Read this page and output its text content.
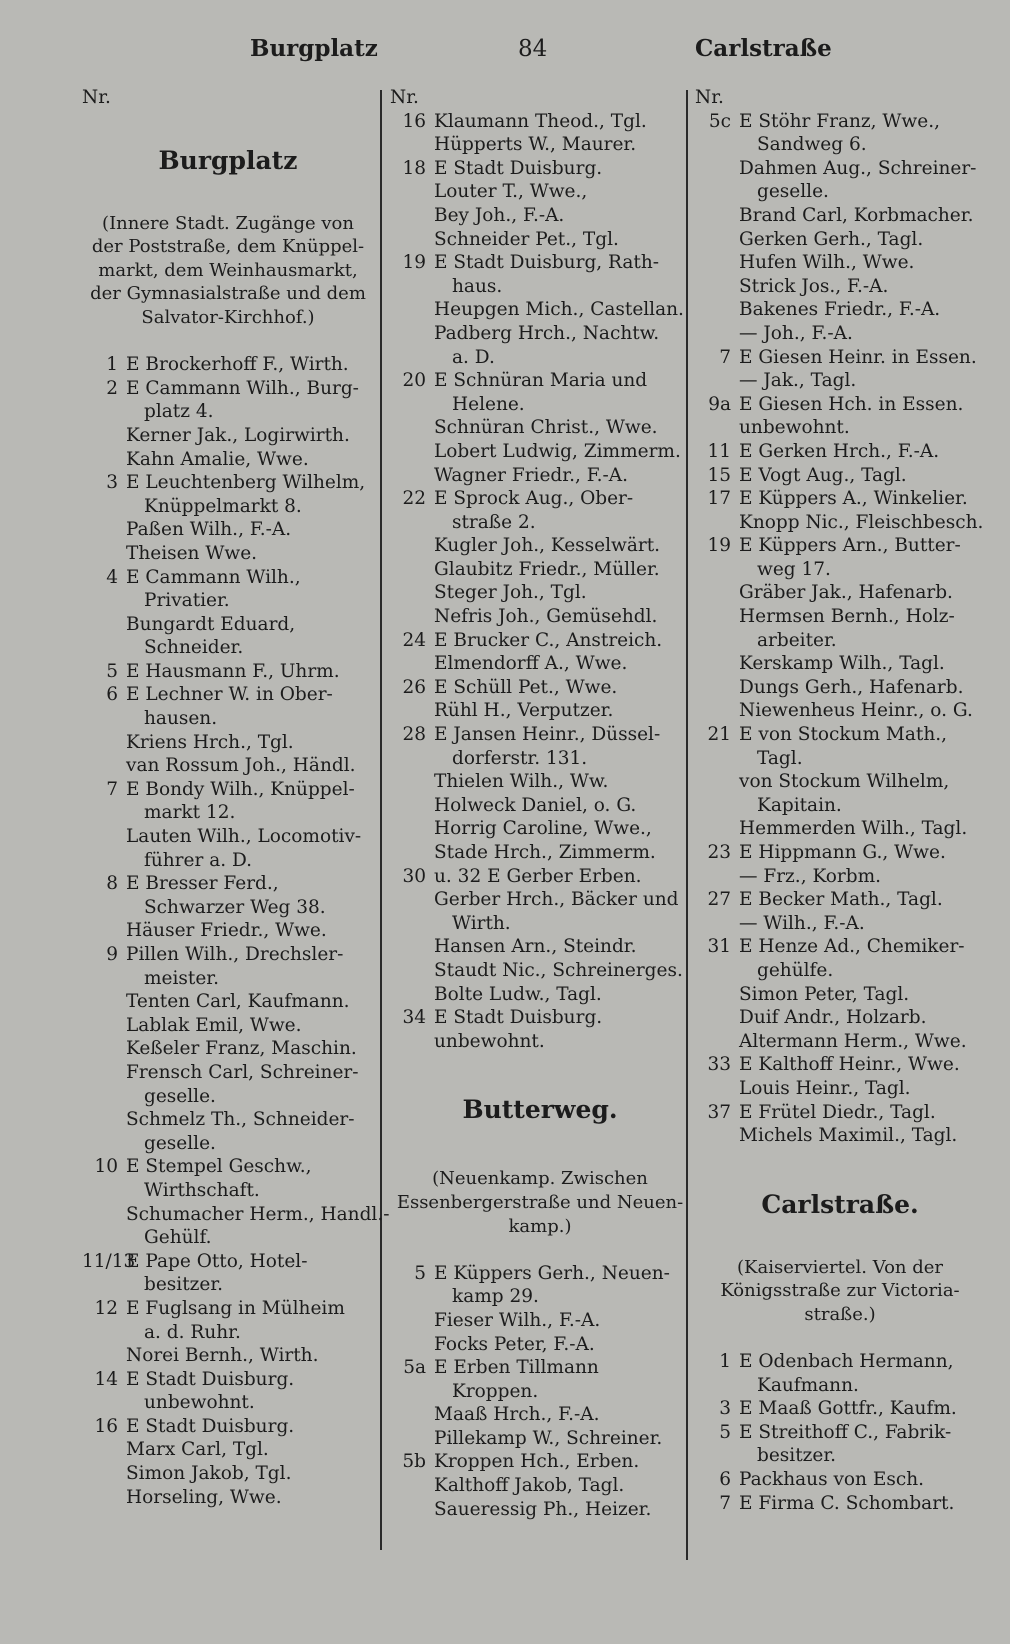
Burgplatz	84	Carlstraße
Nr.
Burgplatz
(Innere Stadt. Zugänge von
der Poststraße, dem Knüppel-
markt, dem Weinhausmarkt,
der Gymnasialstraße und dem
Salvator-Kirchhof.)
1 E Brockerhoff F., Wirth.
2 E Cammann Wilh., Burg-
platz 4.
Kerner Jak., Logirwirth.
Kahn Amalie, Wwe.
3 E Leuchtenberg Wilhelm,
Knüppelmarkt 8.
Paßen Wilh., F.-A.
Theisen Wwe.
4 E Cammann Wilh.,
Privatier.
Bungardt Eduard,
Schneider.
5 E Hausmann F., Uhrm.
6 E Lechner W. in Ober-
hausen.
Kriens Hrch., Tgl.
van Rossum Joh., Händl.
7 E Bondy Wilh., Knüppel-
markt 12.
Lauten Wilh., Locomotiv-
führer a. D.
8 E Bresser Ferd.,
Schwarzer Weg 38.
Häuser Friedr., Wwe.
9 Pillen Wilh., Drechsler-
meister.
Tenten Carl, Kaufmann.
Lablak Emil, Wwe.
Keßeler Franz, Maschin.
Frensch Carl, Schreiner-
geselle.
Schmelz Th., Schneider-
geselle.
10 E Stempel Geschw.,
Wirthschaft.
Schumacher Herm., Handl.-
Gehülf.
11/13E Pape Otto, Hotel-
besitzer.
12 E Fuglsang in Mülheim
a. d. Ruhr.
Norei Bernh., Wirth.
14 E Stadt Duisburg.
unbewohnt.
16 E Stadt Duisburg.
Marx Carl, Tgl.
Simon Jakob, Tgl.
Horseling, Wwe.
Nr.
16 Klaumann Theod., Tgl.
Hüpperts W., Maurer.
18 E Stadt Duisburg.
Louter T., Wwe.,
Bey Joh., F.-A.
Schneider Pet., Tgl.
19 E Stadt Duisburg, Rath-
haus.
Heupgen Mich., Castellan.
Padberg Hrch., Nachtw.
a. D.
20 E Schnüran Maria und
Helene.
Schnüran Christ., Wwe.
Lobert Ludwig, Zimmerm.
Wagner Friedr., F.-A.
22 E Sprock Aug., Ober-
straße 2.
Kugler Joh., Kesselwärt.
Glaubitz Friedr., Müller.
Steger Joh., Tgl.
Nefris Joh., Gemüsehdl.
24 E Brucker C., Anstreich.
Elmendorff A., Wwe.
26 E Schüll Pet., Wwe.
Rühl H., Verputzer.
28 E Jansen Heinr., Düssel-
dorferstr. 131.
Thielen Wilh., Ww.
Holweck Daniel, o. G.
Horrig Caroline, Wwe.,
Stade Hrch., Zimmerm.
30 u. 32 E Gerber Erben.
Gerber Hrch., Bäcker und
Wirth.
Hansen Arn., Steindr.
Staudt Nic., Schreinerges.
Bolte Ludw., Tagl.
34 E Stadt Duisburg.
unbewohnt.
Butterweg.
(Neuenkamp. Zwischen
Essenbergerstraße und Neuen-
kamp.)
5 E Küppers Gerh., Neuen-
kamp 29.
Fieser Wilh., F.-A.
Focks Peter, F.-A.
5a E Erben Tillmann
Kroppen.
Maaß Hrch., F.-A.
Pillekamp W., Schreiner.
5b Kroppen Hch., Erben.
Kalthoff Jakob, Tagl.
Saueressig Ph., Heizer.
Nr.
5c E Stöhr Franz, Wwe.,
Sandweg 6.
Dahmen Aug., Schreiner-
geselle.
Brand Carl, Korbmacher.
Gerken Gerh., Tagl.
Hufen Wilh., Wwe.
Strick Jos., F.-A.
Bakenes Friedr., F.-A.
— Joh., F.-A.
7 E Giesen Heinr. in Essen.
— Jak., Tagl.
9a E Giesen Hch. in Essen.
unbewohnt.
11 E Gerken Hrch., F.-A.
15 E Vogt Aug., Tagl.
17 E Küppers A., Winkelier.
Knopp Nic., Fleischbesch.
19 E Küppers Arn., Butter-
weg 17.
Gräber Jak., Hafenarb.
Hermsen Bernh., Holz-
arbeiter.
Kerskamp Wilh., Tagl.
Dungs Gerh., Hafenarb.
Niewenheus Heinr., o. G.
21 E von Stockum Math.,
Tagl.
von Stockum Wilhelm,
Kapitain.
Hemmerden Wilh., Tagl.
23 E Hippmann G., Wwe.
— Frz., Korbm.
27 E Becker Math., Tagl.
— Wilh., F.-A.
31 E Henze Ad., Chemiker-
gehülfe.
Simon Peter, Tagl.
Duif Andr., Holzarb.
Altermann Herm., Wwe.
33 E Kalthoff Heinr., Wwe.
Louis Heinr., Tagl.
37 E Frütel Diedr., Tagl.
Michels Maximil., Tagl.
Carlstraße.
(Kaiserviertel. Von der
Königsstraße zur Victoria-
straße.)
1 E Odenbach Hermann,
Kaufmann.
3 E Maaß Gottfr., Kaufm.
5 E Streithoff C., Fabrik-
besitzer.
6 Packhaus von Esch.
7 E Firma C. Schombart.
